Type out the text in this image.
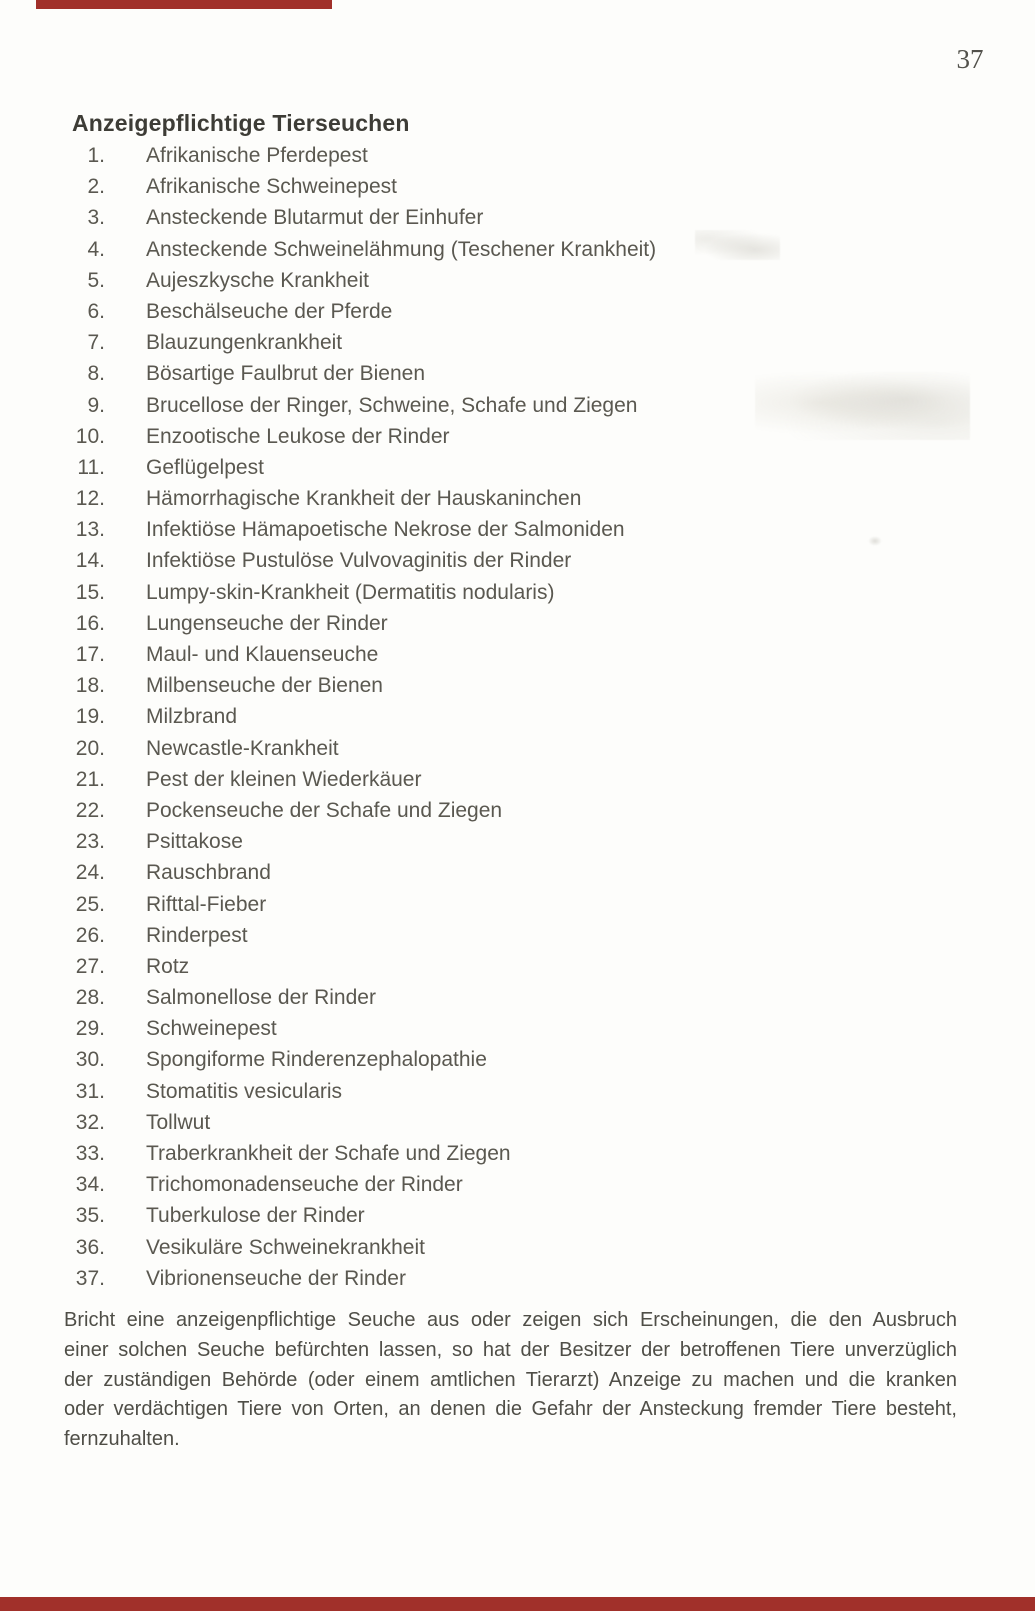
37
Anzeigepflichtige Tierseuchen
1. Afrikanische Pferdepest
2. Afrikanische Schweinepest
3. Ansteckende Blutarmut der Einhufer
4. Ansteckende Schweinelähmung (Teschener Krankheit)
5. Aujeszkysche Krankheit
6. Beschälseuche der Pferde
7. Blauzungenkrankheit
8. Bösartige Faulbrut der Bienen
9. Brucellose der Ringer, Schweine, Schafe und Ziegen
10. Enzootische Leukose der Rinder
11. Geflügelpest
12. Hämorrhagische Krankheit der Hauskaninchen
13. Infektiöse Hämapoetische Nekrose der Salmoniden
14. Infektiöse Pustulöse Vulvovaginitis der Rinder
15. Lumpy-skin-Krankheit (Dermatitis nodularis)
16. Lungenseuche der Rinder
17. Maul- und Klauenseuche
18. Milbenseuche der Bienen
19. Milzbrand
20. Newcastle-Krankheit
21. Pest der kleinen Wiederkäuer
22. Pockenseuche der Schafe und Ziegen
23. Psittakose
24. Rauschbrand
25. Rifttal-Fieber
26. Rinderpest
27. Rotz
28. Salmonellose der Rinder
29. Schweinepest
30. Spongiforme Rinderenzephalopathie
31. Stomatitis vesicularis
32. Tollwut
33. Traberkrankheit der Schafe und Ziegen
34. Trichomonadenseuche der Rinder
35. Tuberkulose der Rinder
36. Vesikuläre Schweinekrankheit
37. Vibrionenseuche der Rinder
Bricht eine anzeigenpflichtige Seuche aus oder zeigen sich Erscheinungen, die den Ausbruch
einer solchen Seuche befürchten lassen, so hat der Besitzer der betroffenen Tiere unverzüglich
der zuständigen Behörde (oder einem amtlichen Tierarzt) Anzeige zu machen und die kranken
oder verdächtigen Tiere von Orten, an denen die Gefahr der Ansteckung fremder Tiere besteht,
fernzuhalten.
